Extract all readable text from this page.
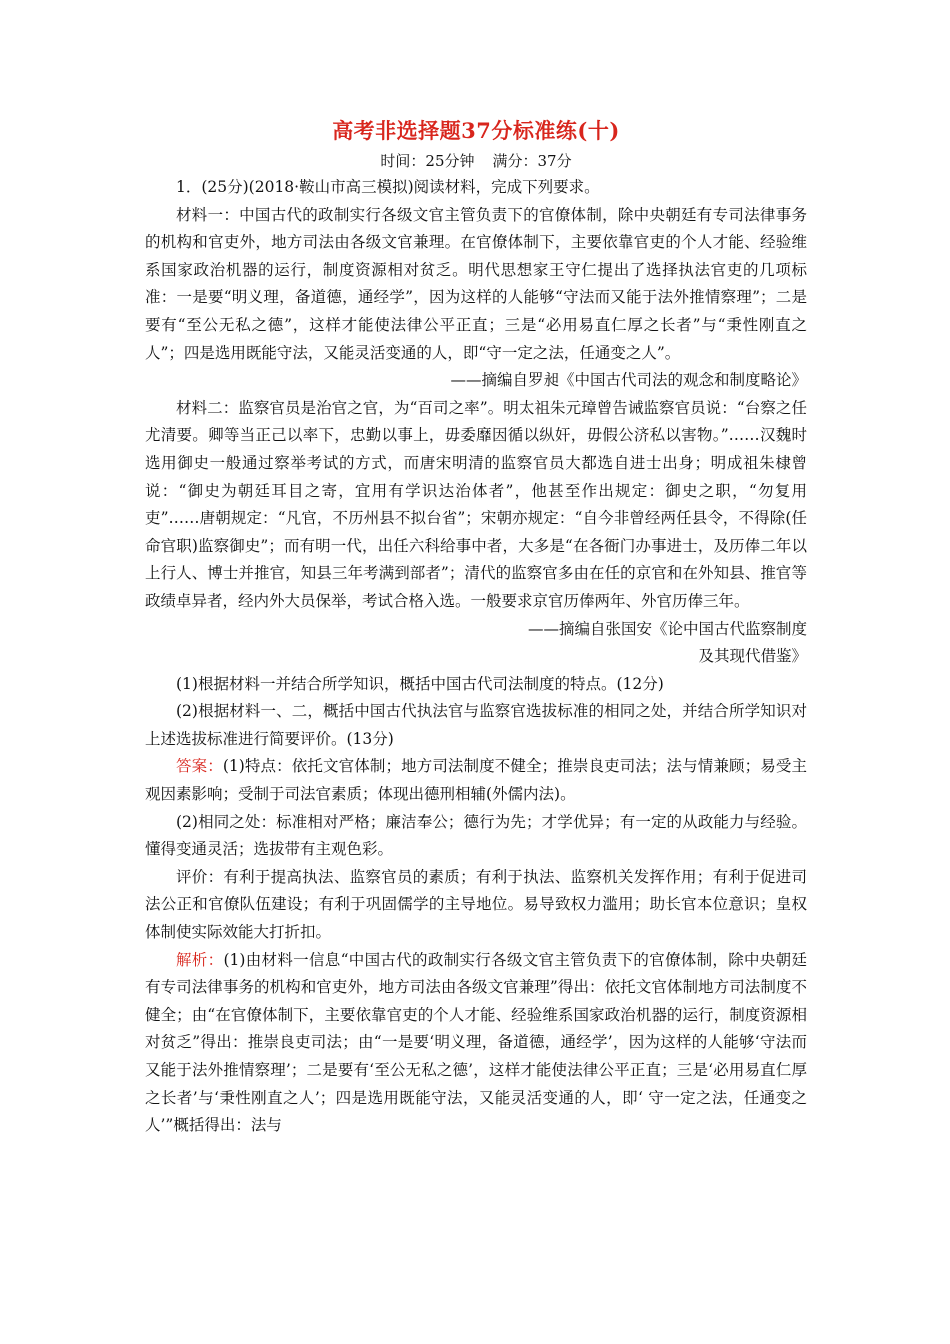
高考非选择题37分标准练(十)
时间：25分钟 满分：37分

1．(25分)(2018·鞍山市高三模拟)阅读材料，完成下列要求。

材料一：中国古代的政制实行各级文官主管负责下的官僚体制，除中央朝廷有专司法律事务的机构和官吏外，地方司法由各级文官兼理。在官僚体制下，主要依靠官吏的个人才能、经验维系国家政治机器的运行，制度资源相对贫乏。明代思想家王守仁提出了选择执法官吏的几项标准：一是要“明义理，备道德，通经学”，因为这样的人能够“守法而又能于法外推情察理”；二是要有“至公无私之德”，这样才能使法律公平正直；三是“必用易直仁厚之长者”与“秉性刚直之人”；四是选用既能守法，又能灵活变通的人，即“守一定之法，任通变之人”。

——摘编自罗昶《中国古代司法的观念和制度略论》

材料二：监察官员是治官之官，为“百司之率”。明太祖朱元璋曾告诫监察官员说：“台察之任尤清要。卿等当正己以率下，忠勤以事上，毋委靡因循以纵奸，毋假公济私以害物。”……汉魏时选用御史一般通过察举考试的方式，而唐宋明清的监察官员大都选自进士出身；明成祖朱棣曾说：“御史为朝廷耳目之寄，宜用有学识达治体者”，他甚至作出规定：御史之职，“勿复用吏”……唐朝规定：“凡官，不历州县不拟台省”；宋朝亦规定：“自今非曾经两任县令，不得除(任命官职)监察御史”；而有明一代，出任六科给事中者，大多是“在各衙门办事进士，及历俸二年以上行人、博士并推官，知县三年考满到部者”；清代的监察官多由在任的京官和在外知县、推官等政绩卓异者，经内外大员保举，考试合格入选。一般要求京官历俸两年、外官历俸三年。

——摘编自张国安《论中国古代监察制度

及其现代借鉴》

(1)根据材料一并结合所学知识，概括中国古代司法制度的特点。(12分)

(2)根据材料一、二，概括中国古代执法官与监察官选拔标准的相同之处，并结合所学知识对上述选拔标准进行简要评价。(13分)

答案：(1)特点：依托文官体制；地方司法制度不健全；推崇良吏司法；法与情兼顾；易受主观因素影响；受制于司法官素质；体现出德刑相辅(外儒内法)。

(2)相同之处：标准相对严格；廉洁奉公；德行为先；才学优异；有一定的从政能力与经验。懂得变通灵活；选拔带有主观色彩。

评价：有利于提高执法、监察官员的素质；有利于执法、监察机关发挥作用；有利于促进司法公正和官僚队伍建设；有利于巩固儒学的主导地位。易导致权力滥用；助长官本位意识；皇权体制使实际效能大打折扣。

解析：(1)由材料一信息“中国古代的政制实行各级文官主管负责下的官僚体制，除中央朝廷有专司法律事务的机构和官吏外，地方司法由各级文官兼理”得出：依托文官体制地方司法制度不健全；由“在官僚体制下，主要依靠官吏的个人才能、经验维系国家政治机器的运行，制度资源相对贫乏”得出：推崇良吏司法；由“一是要‘明义理，备道德，通经学’，因为这样的人能够‘守法而又能于法外推情察理’；二是要有‘至公无私之德’，这样才能使法律公平正直；三是‘必用易直仁厚之长者’与‘秉性刚直之人’；四是选用既能守法，又能灵活变通的人，即‘ 守一定之法，任通变之人’”概括得出：法与
